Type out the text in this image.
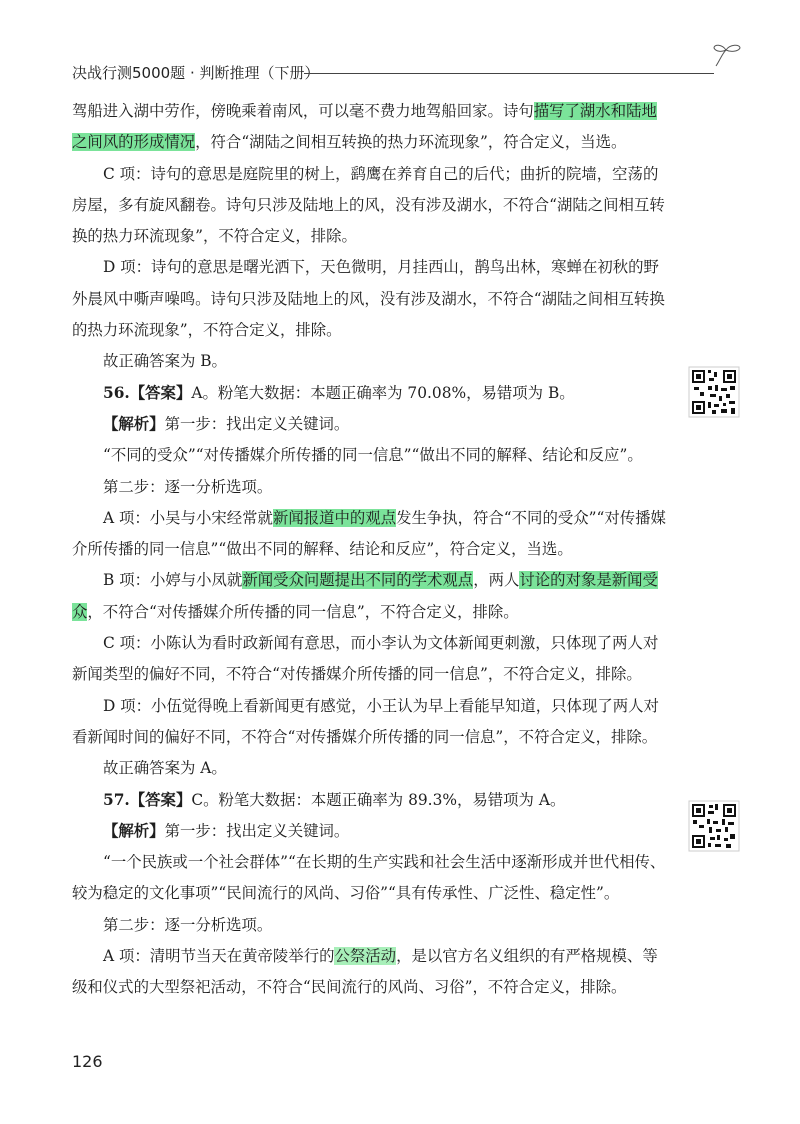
决战行测5000题 · 判断推理（下册）

驾船进入湖中劳作，傍晚乘着南风，可以毫不费力地驾船回家。诗句描写了湖水和陆地之间风的形成情况，符合“湖陆之间相互转换的热力环流现象”，符合定义，当选。

C 项：诗句的意思是庭院里的树上，鹞鹰在养育自己的后代；曲折的院墙，空荡的房屋，多有旋风翻卷。诗句只涉及陆地上的风，没有涉及湖水，不符合“湖陆之间相互转换的热力环流现象”，不符合定义，排除。

D 项：诗句的意思是曙光洒下，天色微明，月挂西山，鹊鸟出林，寒蝉在初秋的野外晨风中嘶声噪鸣。诗句只涉及陆地上的风，没有涉及湖水，不符合“湖陆之间相互转换的热力环流现象”，不符合定义，排除。

故正确答案为 B。

56.【答案】A。粉笔大数据：本题正确率为 70.08%，易错项为 B。

【解析】第一步：找出定义关键词。

“不同的受众”“对传播媒介所传播的同一信息”“做出不同的解释、结论和反应”。

第二步：逐一分析选项。

A 项：小吴与小宋经常就新闻报道中的观点发生争执，符合“不同的受众”“对传播媒介所传播的同一信息”“做出不同的解释、结论和反应”，符合定义，当选。

B 项：小婷与小凤就新闻受众问题提出不同的学术观点，两人讨论的对象是新闻受众，不符合“对传播媒介所传播的同一信息”，不符合定义，排除。

C 项：小陈认为看时政新闻有意思，而小李认为文体新闻更刺激，只体现了两人对新闻类型的偏好不同，不符合“对传播媒介所传播的同一信息”，不符合定义，排除。

D 项：小伍觉得晚上看新闻更有感觉，小王认为早上看能早知道，只体现了两人对看新闻时间的偏好不同，不符合“对传播媒介所传播的同一信息”，不符合定义，排除。

故正确答案为 A。

57.【答案】C。粉笔大数据：本题正确率为 89.3%，易错项为 A。

【解析】第一步：找出定义关键词。

“一个民族或一个社会群体”“在长期的生产实践和社会生活中逐渐形成并世代相传、较为稳定的文化事项”“民间流行的风尚、习俗”“具有传承性、广泛性、稳定性”。

第二步：逐一分析选项。

A 项：清明节当天在黄帝陵举行的公祭活动，是以官方名义组织的有严格规模、等级和仪式的大型祭祀活动，不符合“民间流行的风尚、习俗”，不符合定义，排除。

126
